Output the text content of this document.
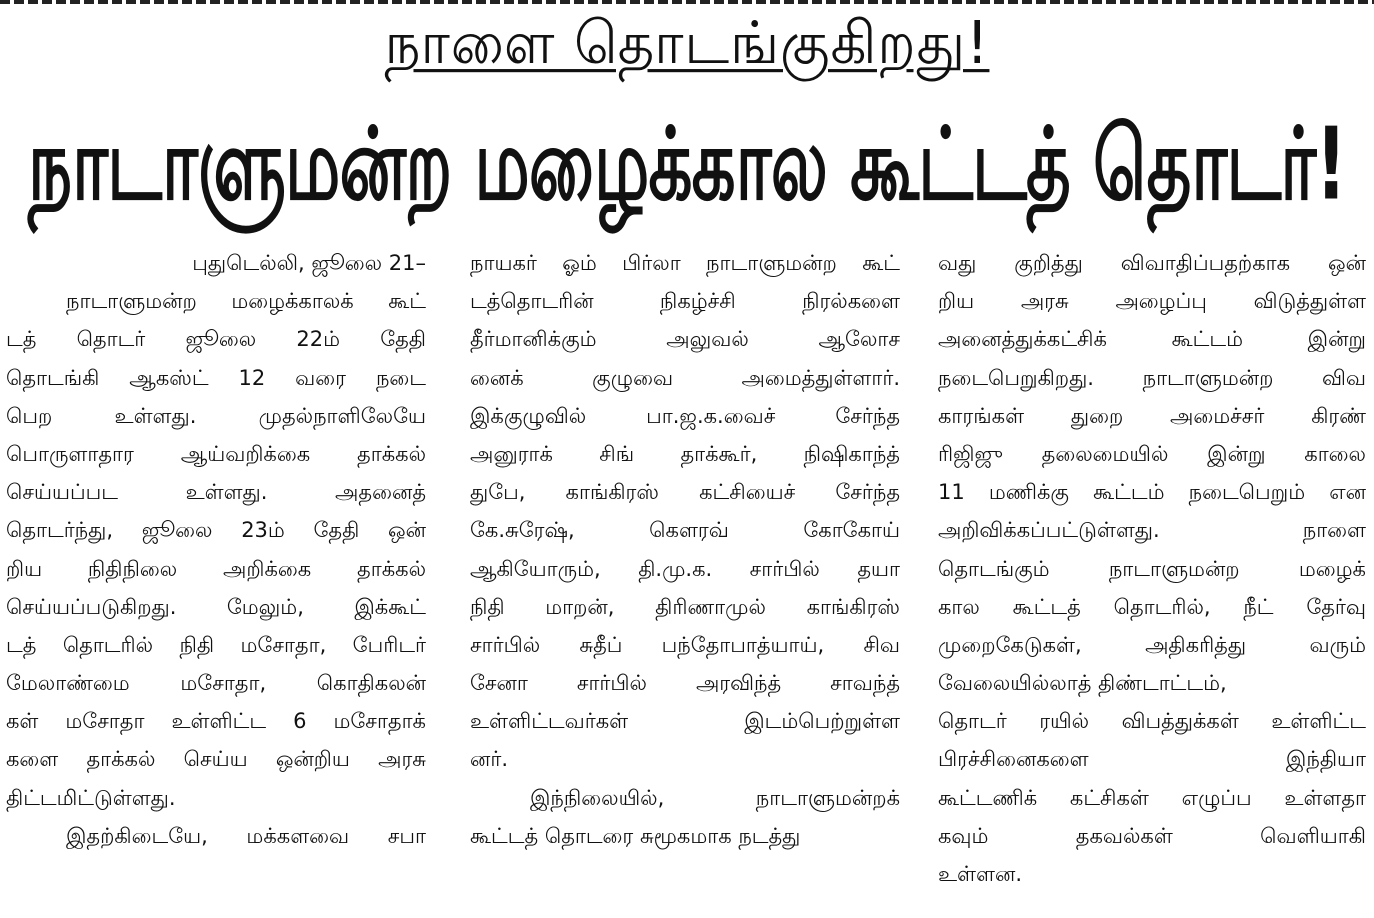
நாளை தொடங்குகிறது!
நாடாளுமன்ற மழைக்கால கூட்டத் தொடர்!
புதுடெல்லி, ஜூலை 21–
நாடாளுமன்ற மழைக்காலக் கூட்
டத் தொடர் ஜூலை 22ம் தேதி
தொடங்கி ஆகஸ்ட் 12 வரை நடை
பெற உள்ளது. முதல்நாளிலேயே
பொருளாதார ஆய்வறிக்கை தாக்கல்
செய்யப்பட உள்ளது. அதனைத்
தொடர்ந்து, ஜூலை 23ம் தேதி ஒன்
றிய நிதிநிலை அறிக்கை தாக்கல்
செய்யப்படுகிறது. மேலும், இக்கூட்
டத் தொடரில் நிதி மசோதா, பேரிடர்
மேலாண்மை மசோதா, கொதிகலன்
கள் மசோதா உள்ளிட்ட 6 மசோதாக்
களை தாக்கல் செய்ய ஒன்றிய அரசு
திட்டமிட்டுள்ளது.
இதற்கிடையே, மக்களவை சபா
நாயகர் ஓம் பிர்லா நாடாளுமன்ற கூட்
டத்தொடரின் நிகழ்ச்சி நிரல்களை
தீர்மானிக்கும் அலுவல் ஆலோச
னைக் குழுவை அமைத்துள்ளார்.
இக்குழுவில் பா.ஜ.க.வைச் சேர்ந்த
அனுராக் சிங் தாக்கூர், நிஷிகாந்த்
துபே, காங்கிரஸ் கட்சியைச் சேர்ந்த
கே.சுரேஷ், கௌரவ் கோகோய்
ஆகியோரும், தி.மு.க. சார்பில் தயா
நிதி மாறன், திரிணாமுல் காங்கிரஸ்
சார்பில் சுதீப் பந்தோபாத்யாய், சிவ
சேனா சார்பில் அரவிந்த் சாவந்த்
உள்ளிட்டவர்கள் இடம்பெற்றுள்ள
னர்.
இந்நிலையில், நாடாளுமன்றக்
கூட்டத் தொடரை சுமூகமாக நடத்து
வது குறித்து விவாதிப்பதற்காக ஒன்
றிய அரசு அழைப்பு விடுத்துள்ள
அனைத்துக்கட்சிக் கூட்டம் இன்று
நடைபெறுகிறது. நாடாளுமன்ற விவ
காரங்கள் துறை அமைச்சர் கிரண்
ரிஜிஜு தலைமையில் இன்று காலை
11 மணிக்கு கூட்டம் நடைபெறும் என
அறிவிக்கப்பட்டுள்ளது. நாளை
தொடங்கும் நாடாளுமன்ற மழைக்
கால கூட்டத் தொடரில், நீட் தேர்வு
முறைகேடுகள், அதிகரித்து வரும்
வேலையில்லாத் திண்டாட்டம்,
தொடர் ரயில் விபத்துக்கள் உள்ளிட்ட
பிரச்சினைகளை இந்தியா
கூட்டணிக் கட்சிகள் எழுப்ப உள்ளதா
கவும் தகவல்கள் வெளியாகி
உள்ளன.
